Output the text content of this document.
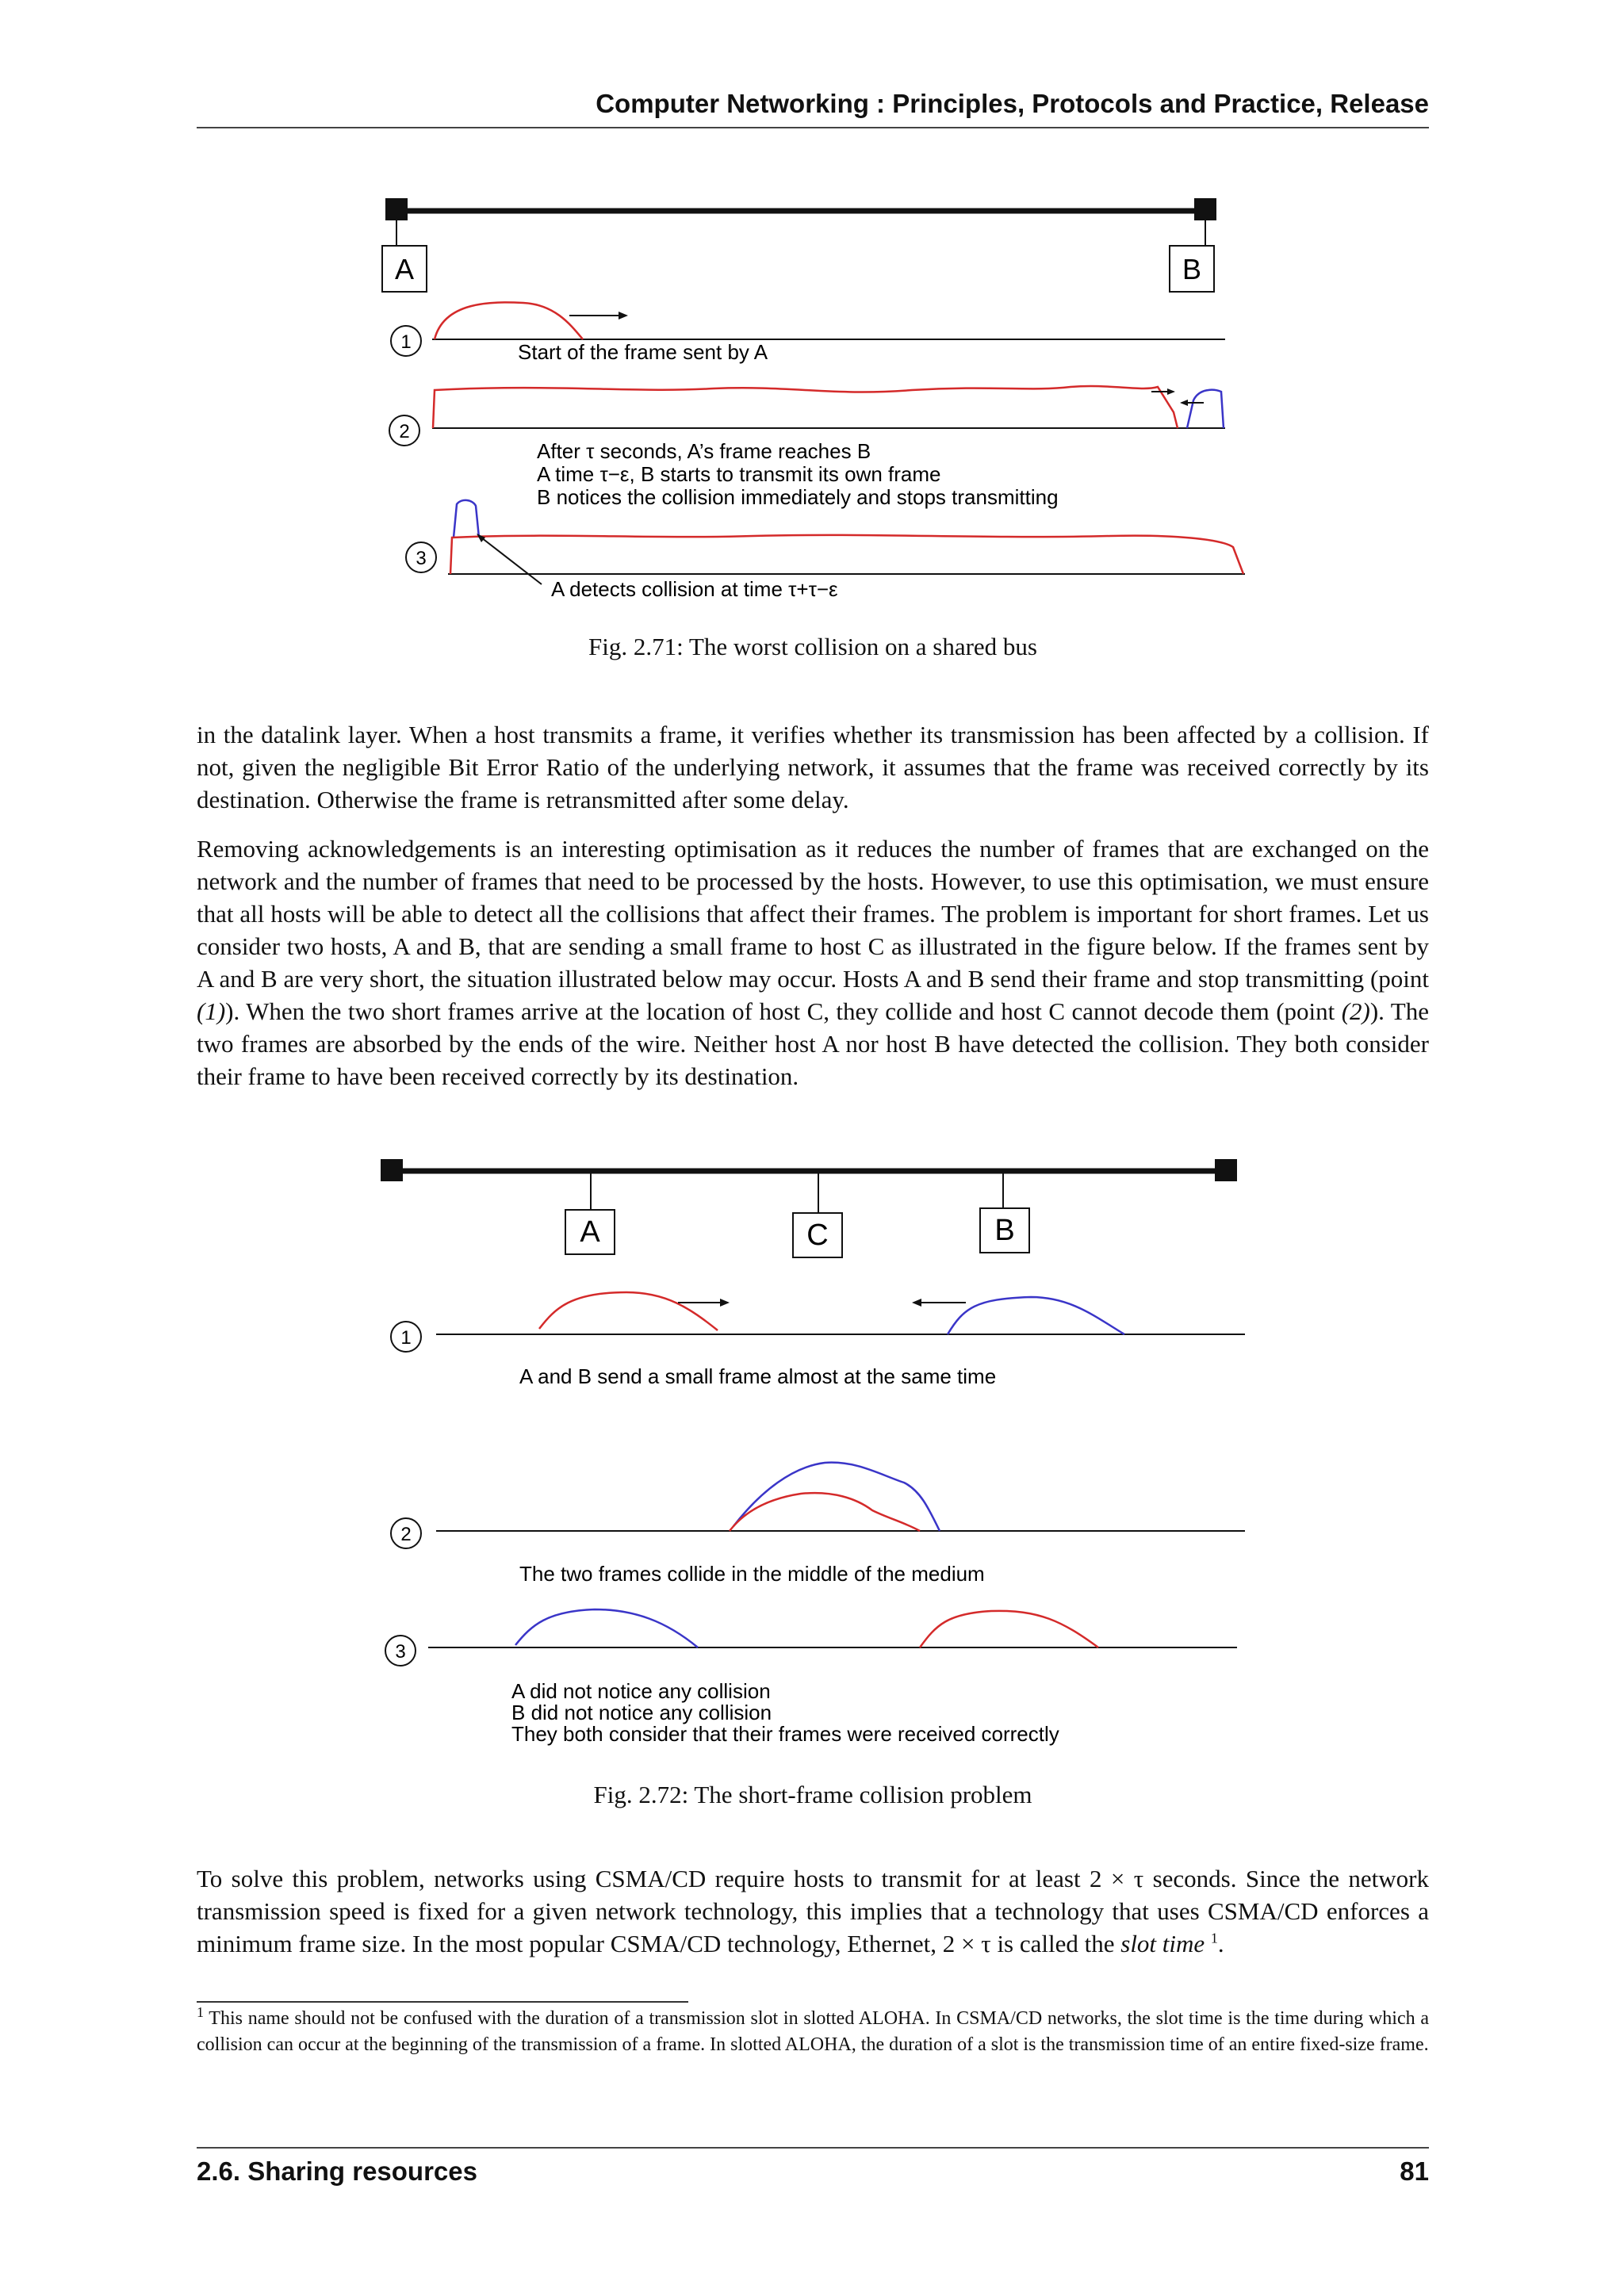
Computer Networking : Principles, Protocols and Practice, Release
A	B
1	Start of the frame sent by A
2
After τ seconds, A’s frame reaches B
A time τ−ε, B starts to transmit its own frame
B notices the collision immediately and stops transmitting
3
A detects collision at time τ+τ−ε
Fig. 2.71: The worst collision on a shared bus

in the datalink layer. When a host transmits a frame, it verifies whether its transmission has been affected by a collision. If not, given the negligible Bit Error Ratio of the underlying network, it assumes that the frame was received correctly by its destination. Otherwise the frame is retransmitted after some delay.

Removing acknowledgements is an interesting optimisation as it reduces the number of frames that are exchanged on the network and the number of frames that need to be processed by the hosts. However, to use this optimisation, we must ensure that all hosts will be able to detect all the collisions that affect their frames. The problem is important for short frames. Let us consider two hosts, A and B, that are sending a small frame to host C as illustrated in the figure below. If the frames sent by A and B are very short, the situation illustrated below may occur. Hosts A and B send their frame and stop transmitting (point (1)). When the two short frames arrive at the location of host C, they collide and host C cannot decode them (point (2)). The two frames are absorbed by the ends of the wire. Neither host A nor host B have detected the collision. They both consider their frame to have been received correctly by its destination.

A	C	B
1
A and B send a small frame almost at the same time
2
The two frames collide in the middle of the medium
3
A did not notice any collision
B did not notice any collision
They both consider that their frames were received correctly
Fig. 2.72: The short-frame collision problem

To solve this problem, networks using CSMA/CD require hosts to transmit for at least 2 × τ seconds. Since the network transmission speed is fixed for a given network technology, this implies that a technology that uses CSMA/CD enforces a minimum frame size. In the most popular CSMA/CD technology, Ethernet, 2 × τ is called the slot time $^1$.

$^1$ This name should not be confused with the duration of a transmission slot in slotted ALOHA. In CSMA/CD networks, the slot time is the time during which a collision can occur at the beginning of the transmission of a frame. In slotted ALOHA, the duration of a slot is the transmission time of an entire fixed-size frame.

2.6. Sharing resources	81
